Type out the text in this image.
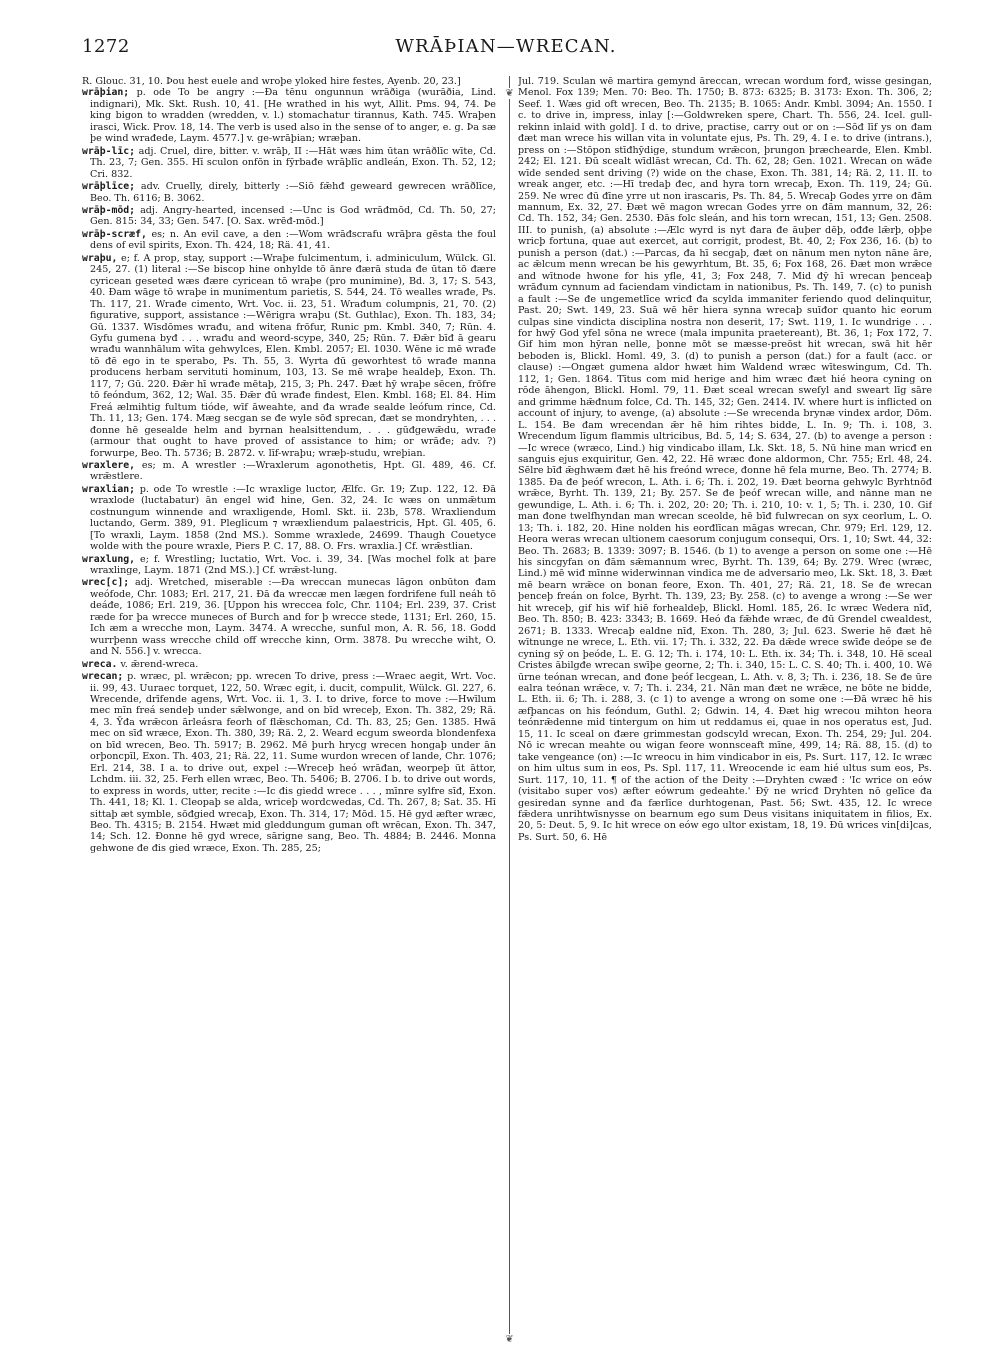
1272	WRĀÞIAN—WRECAN.

R. Glouc. 31, 10. Þou hest euele and wroþe yloked hire festes, Ayenb. 20, 23.]

wrāþian; p. ode To be angry :—Ða tēnu ongunnun wrāðiga (wurāðia, Lind. indignari), Mk. Skt. Rush. 10, 41. [He wrathed in his wyt, Allit. Pms. 94, 74. Þe king bigon to wradden (wredden, v. l.) stomachatur tirannus, Kath. 745. Wraþen irasci, Wick. Prov. 18, 14. The verb is used also in the sense of to anger, e. g. Þa sæ þe wind wrađede, Laym. 4577.] v. ge-wrāþian; wræþan.

wrāþ-līc; adj. Cruel, dire, bitter. v. wrāþ, II :—Hāt wæs him ūtan wrāðlīc wīte, Cd. Th. 23, 7; Gen. 355. Hī sculon onfōn in fȳrbađe wrāþlīc andleán, Exon. Th. 52, 12; Cri. 832.

wrāþlīce; adv. Cruelly, direly, bitterly :—Siō fǣhđ geweard gewrecen wrāðlīce, Beo. Th. 6116; B. 3062.

wrāþ-mōd; adj. Angry-hearted, incensed :—Unc is God wrāđmōd, Cd. Th. 50, 27; Gen. 815: 34, 33; Gen. 547. [O. Sax. wrēđ-mōd.]

wrāþ-scræf, es; n. An evil cave, a den :—Wom wrāđscrafu wrāþra gēsta the foul dens of evil spirits, Exon. Th. 424, 18; Rä. 41, 41.

wraþu, e; f. A prop, stay, support :—Wraþe fulcimentum, i. adminiculum, Wülck. Gl. 245, 27. (1) literal :—Se biscop hine onhylde tō ānre đærā studa đe ūtan tō đære cyricean geseted wæs đære cyricean tō wraþe (pro munimine), Bd. 3, 17; S. 543, 40. Đam wāge tō wraþe in munimentum parietis, S. 544, 24. Tō wealles wrađe, Ps. Th. 117, 21. Wrađe cimento, Wrt. Voc. ii. 23, 51. Wrađum columpnis, 21, 70. (2) figurative, support, assistance :—Wērigra wraþu (St. Guthlac), Exon. Th. 183, 34; Gū. 1337. Wīsdōmes wrađu, and witena frōfur, Runic pm. Kmbl. 340, 7; Rūn. 4. Gyfu gumena byđ . . . wrađu and weord-scype, 340, 25; Rūn. 7. Đǣr bīđ ā gearu wrađu wannhālum wīta gehwylces, Elen. Kmbl. 2057; El. 1030. Wēne ic mē wrađe tō đē ego in te sperabo, Ps. Th. 55, 3. Wyrta đū geworhtest tō wrađe manna producens herbam servituti hominum, 103, 13. Se mē wraþe healdeþ, Exon. Th. 117, 7; Gū. 220. Đǣr hī wrađe mētaþ, 215, 3; Ph. 247. Đæt hȳ wraþe sēcen, frōfre tō feóndum, 362, 12; Wal. 35. Đǣr đū wrađe findest, Elen. Kmbl. 168; El. 84. Him Freá ælmihtig fultum tióde, wīf āweahte, and đa wrađe sealde leófum rince, Cd. Th. 11, 13; Gen. 174. Mæg secgan se đe wyle sōđ sprecan, đæt se mondryhten, . . . đonne hē gesealde helm and byrnan healsittendum, . . . gūđgewǣdu, wrađe (armour that ought to have proved of assistance to him; or wrāđe; adv. ?) forwurpe, Beo. Th. 5736; B. 2872. v. līf-wraþu; wræþ-studu, wreþian.

wraxlere, es; m. A wrestler :—Wraxlerum agonothetis, Hpt. Gl. 489, 46. Cf. wrǣstlere.

wraxlian; p. ode To wrestle :—Ic wraxlige luctor, Ælfc. Gr. 19; Zup. 122, 12. Đā wraxlode (luctabatur) ān engel wiđ hine, Gen. 32, 24. Ic wæs on unmǣtum costnungum winnende and wraxligende, Homl. Skt. ii. 23b, 578. Wraxliendum luctando, Germ. 389, 91. Pleglicum ⁊ wræxliendum palaestricis, Hpt. Gl. 405, 6. [To wraxli, Laym. 1858 (2nd MS.). Somme wraxlede, 24699. Thaugh Couetyce wolde with the poure wraxle, Piers P. C. 17, 88. O. Frs. wraxlia.] Cf. wrǣstlian.

wraxlung, e; f. Wrestling; luctatio, Wrt. Voc. i. 39, 34. [Was mochel folk at þare wraxlinge, Laym. 1871 (2nd MS.).] Cf. wrǣst-lung.

wrec[c]; adj. Wretched, miserable :—Đa wreccan munecas lāgon onbūton đam weófode, Chr. 1083; Erl. 217, 21. Đā đa wreccæ men lægen fordrifene full neáh tō deáđe, 1086; Erl. 219, 36. [Uppon his wreccea folc, Chr. 1104; Erl. 239, 37. Crist ræde for þa wrecce muneces of Burch and for þ wrecce stede, 1131; Erl. 260, 15. Ich æm a wrecche mon, Laym. 3474. A wrecche, sunful mon, A. R. 56, 18. Godd wurrþenn wass wrecche child off wrecche kinn, Orm. 3878. Þu wrecche wiht, O. and N. 556.] v. wrecca.

wreca. v. ǣrend-wreca.

wrecan; p. wræc, pl. wrǣcon; pp. wrecen To drive, press :—Wraec aegit, Wrt. Voc. ii. 99, 43. Uuraec torquet, 122, 50. Wræc egit, i. ducit, compulit, Wülck. Gl. 227, 6. Wrecende, drīfende agens, Wrt. Voc. ii. 1, 3. I. to drive, force to move :—Hwīlum mec mīn freá sendeþ under sǣlwonge, and on bīd wreceþ, Exon. Th. 382, 29; Rä. 4, 3. Ȳđa wrǣcon ārleásra feorh of flǣschoman, Cd. Th. 83, 25; Gen. 1385. Hwā mec on sīđ wræce, Exon. Th. 380, 39; Rä. 2, 2. Weard ecgum sweorda blondenfexa on bīd wrecen, Beo. Th. 5917; B. 2962. Mē þurh hrycg wrecen hongaþ under ān orþoncpīl, Exon. Th. 403, 21; Rä. 22, 11. Sume wurdon wrecen of lande, Chr. 1076; Erl. 214, 38. I a. to drive out, expel :—Wreceþ heó wrāđan, weorpeþ ūt āttor, Lchdm. iii. 32, 25. Ferh ellen wræc, Beo. Th. 5406; B. 2706. I b. to drive out words, to express in words, utter, recite :—Ic đis giedd wrece . . . , mīnre sylfre sīđ, Exon. Th. 441, 18; Kl. 1. Cleopaþ se alda, wriceþ wordcwedas, Cd. Th. 267, 8; Sat. 35. Hī sittaþ æt symble, sōđgied wrecaþ, Exon. Th. 314, 17; Mōd. 15. Hē gyd æfter wræc, Beo. Th. 4315; B. 2154. Hwæt mid gleddungum guman oft wrēcan, Exon. Th. 347, 14; Sch. 12. Đonne hē gyd wrece, sārigne sang, Beo. Th. 4884; B. 2446. Monna gehwone đe đis gied wræce, Exon. Th. 285, 25;

❦
❦

Jul. 719. Sculan wē martira gemynd āreccan, wrecan wordum forđ, wisse gesingan, Menol. Fox 139; Men. 70: Beo. Th. 1750; B. 873: 6325; B. 3173: Exon. Th. 306, 2; Seef. 1. Wæs gid oft wrecen, Beo. Th. 2135; B. 1065: Andr. Kmbl. 3094; An. 1550. I c. to drive in, impress, inlay [:—Goldwreken spere, Chart. Th. 556, 24. Icel. gull-rekinn inlaid with gold]. I d. to drive, practise, carry out or on :—Sōđ līf ys on đam đæt man wrece his willan vita in voluntate ejus, Ps. Th. 29, 4. I e. to drive (intrans.), press on :—Stōpon stīđhȳdige, stundum wrǣcon, þrungon þræchearde, Elen. Kmbl. 242; El. 121. Đū scealt wīdlāst wrecan, Cd. Th. 62, 28; Gen. 1021. Wrecan on wāđe wīde sended sent driving (?) wide on the chase, Exon. Th. 381, 14; Rä. 2, 11. II. to wreak anger, etc. :—Hī tredaþ đec, and hyra torn wrecaþ, Exon. Th. 119, 24; Gū. 259. Ne wrec đū đīne yrre ut non irascaris, Ps. Th. 84, 5. Wrecaþ Godes yrre on đām mannum, Ex. 32, 27. Đæt wē magon wrecan Godes yrre on đām mannum, 32, 26: Cd. Th. 152, 34; Gen. 2530. Đās folc sleán, and his torn wrecan, 151, 13; Gen. 2508. III. to punish, (a) absolute :—Ælc wyrd is nyt đara đe āuþer dēþ, ođđe lǣrþ, oþþe wricþ fortuna, quae aut exercet, aut corrigit, prodest, Bt. 40, 2; Fox 236, 16. (b) to punish a person (dat.) :—Parcas, đa hī secgaþ, đæt on nānum men nyton nāne āre, ac ǣlcum menn wrecan be his gewyrhtum, Bt. 35, 6; Fox 168, 26. Đæt mon wrǣce and wītnode hwone for his yfle, 41, 3; Fox 248, 7. Mid đȳ hī wrecan þenceaþ wrāđum cynnum ad faciendam vindictam in nationibus, Ps. Th. 149, 7. (c) to punish a fault :—Se đe ungemetlīce wricđ đa scylda immaniter feriendo quod delinquitur, Past. 20; Swt. 149, 23. Suā wē hēr hiera synna wrecaþ suīđor quanto hic eorum culpas sine vindicta disciplina nostra non deserit, 17; Swt. 119, 1. Ic wundrige . . . for hwȳ God yfel sōna ne wrece (mala impunita praetereant), Bt. 36, 1; Fox 172, 7. Gif him mon hȳran nelle, þonne mōt se mæsse-preōst hit wrecan, swā hit hēr beboden is, Blickl. Homl. 49, 3. (d) to punish a person (dat.) for a fault (acc. or clause) :—Ongæt gumena aldor hwæt him Waldend wræc wīteswingum, Cd. Th. 112, 1; Gen. 1864. Tītus com mid herige and him wræc đæt hié heora cyning on rōde āhengon, Blickl. Homl. 79, 11. Đæt sceal wrecan sweſyl and sweart līg sāre and grimme hǣđnum folce, Cd. Th. 145, 32; Gen. 2414. IV. where hurt is inflicted on account of injury, to avenge, (a) absolute :—Se wrecenda brynæ vindex ardor, Dōm. L. 154. Be đam wrecendan ǣr hē him rihtes bidde, L. In. 9; Th. i. 108, 3. Wrecendum līgum flammis ultricibus, Bd. 5, 14; S. 634, 27. (b) to avenge a person :—Ic wrece (wræco, Lind.) hig vindicabo illam, Lk. Skt. 18, 5. Nū hine man wricđ en sanguis ejus exquiritur, Gen. 42, 22. Hē wræc đone aldormon, Chr. 755; Erl. 48, 24. Sēlre bīđ ǣghwæm đæt hē his freónd wrece, đonne hē fela murne, Beo. Th. 2774; B. 1385. Đa đe þeóf wrecon, L. Ath. i. 6; Th. i. 202, 19. Đæt beorna gehwylc Byrhtnōđ wrǣce, Byrht. Th. 139, 21; By. 257. Se đe þeóf wrecan wille, and nānne man ne gewundige, L. Ath. i. 6; Th. i. 202, 20: 20; Th. i. 210, 10: v. 1, 5; Th. i. 230, 10. Gif man đone twelfhyndan man wrecan sceolde, hē bīđ fulwrecan on syx ceorlum, L. O. 13; Th. i. 182, 20. Hine nolden his eorđlīcan māgas wrecan, Chr. 979; Erl. 129, 12. Heora weras wrecan ultionem caesorum conjugum consequi, Ors. 1, 10; Swt. 44, 32: Beo. Th. 2683; B. 1339: 3097; B. 1546. (b 1) to avenge a person on some one :—Hē his sincgyfan on đām sǣmannum wrec, Byrht. Th. 139, 64; By. 279. Wrec (wræc, Lind.) mē wiđ mīnne widerwinnan vindica me de adversario meo, Lk. Skt. 18, 3. Đæt mē bearn wrǣce on bonan feore, Exon. Th. 401, 27; Rä. 21, 18. Se đe wrecan þenceþ freán on folce, Byrht. Th. 139, 23; By. 258. (c) to avenge a wrong :—Se wer hit wreceþ, gif his wīf hiē forhealdeþ, Blickl. Homl. 185, 26. Ic wræc Wedera nīđ, Beo. Th. 850; B. 423: 3343; B. 1669. Heó đa fǣhđe wræc, đe đū Grendel cwealdest, 2671; B. 1333. Wrecaþ ealdne nīđ, Exon. Th. 280, 3; Jul. 623. Swerie hē đæt hē wītnunge ne wrece, L. Eth. vii. 17; Th. i. 332, 22. Đa dǣde wrece swīđe deópe se đe cyning sȳ on þeóde, L. E. G. 12; Th. i. 174, 10: L. Eth. ix. 34; Th. i. 348, 10. Hē sceal Cristes ābilgđe wrecan swīþe georne, 2; Th. i. 340, 15: L. C. S. 40; Th. i. 400, 10. Wē ūrne teónan wrecan, and đone þeóf lecgean, L. Ath. v. 8, 3; Th. i. 236, 18. Se đe ūre ealra teónan wrǣce, v. 7; Th. i. 234, 21. Nān man đæt ne wrǣce, ne bōte ne bidde, L. Eth. ii. 6; Th. i. 288, 3. (c 1) to avenge a wrong on some one :—Đā wræc hē his æfþancas on his feóndum, Guthl. 2; Gdwin. 14, 4. Đæt hig wrecou mihton heora teónrǣdenne mid tintergum on him ut reddamus ei, quae in nos operatus est, Jud. 15, 11. Ic sceal on đære grimmestan godscyld wrecan, Exon. Th. 254, 29; Jul. 204. Nō ic wrecan meahte ou wigan feore wonnsceaft mīne, 499, 14; Rä. 88, 15. (d) to take vengeance (on) :—Ic wreocu in him vindicabor in eis, Ps. Surt. 117, 12. Ic wræc on him ultus sum in eos, Ps. Spl. 117, 11. Wreocende ic eam hié ultus sum eos, Ps. Surt. 117, 10, 11. ¶ of the action of the Deity :—Dryhten cwæđ : 'Ic wrice on eów (visitabo super vos) æfter eówrum gedeahte.' Đȳ ne wricđ Dryhten nō gelīce đa gesiredan synne and đa færlīce durhtogenan, Past. 56; Swt. 435, 12. Ic wrece fǣdera unrihtwīsnysse on bearnum ego sum Deus visitans iniquitatem in filios, Ex. 20, 5: Deut. 5, 9. Ic hit wrece on eów ego ultor existam, 18, 19. Đū wrices vin[di]cas, Ps. Surt. 50, 6. Hē
